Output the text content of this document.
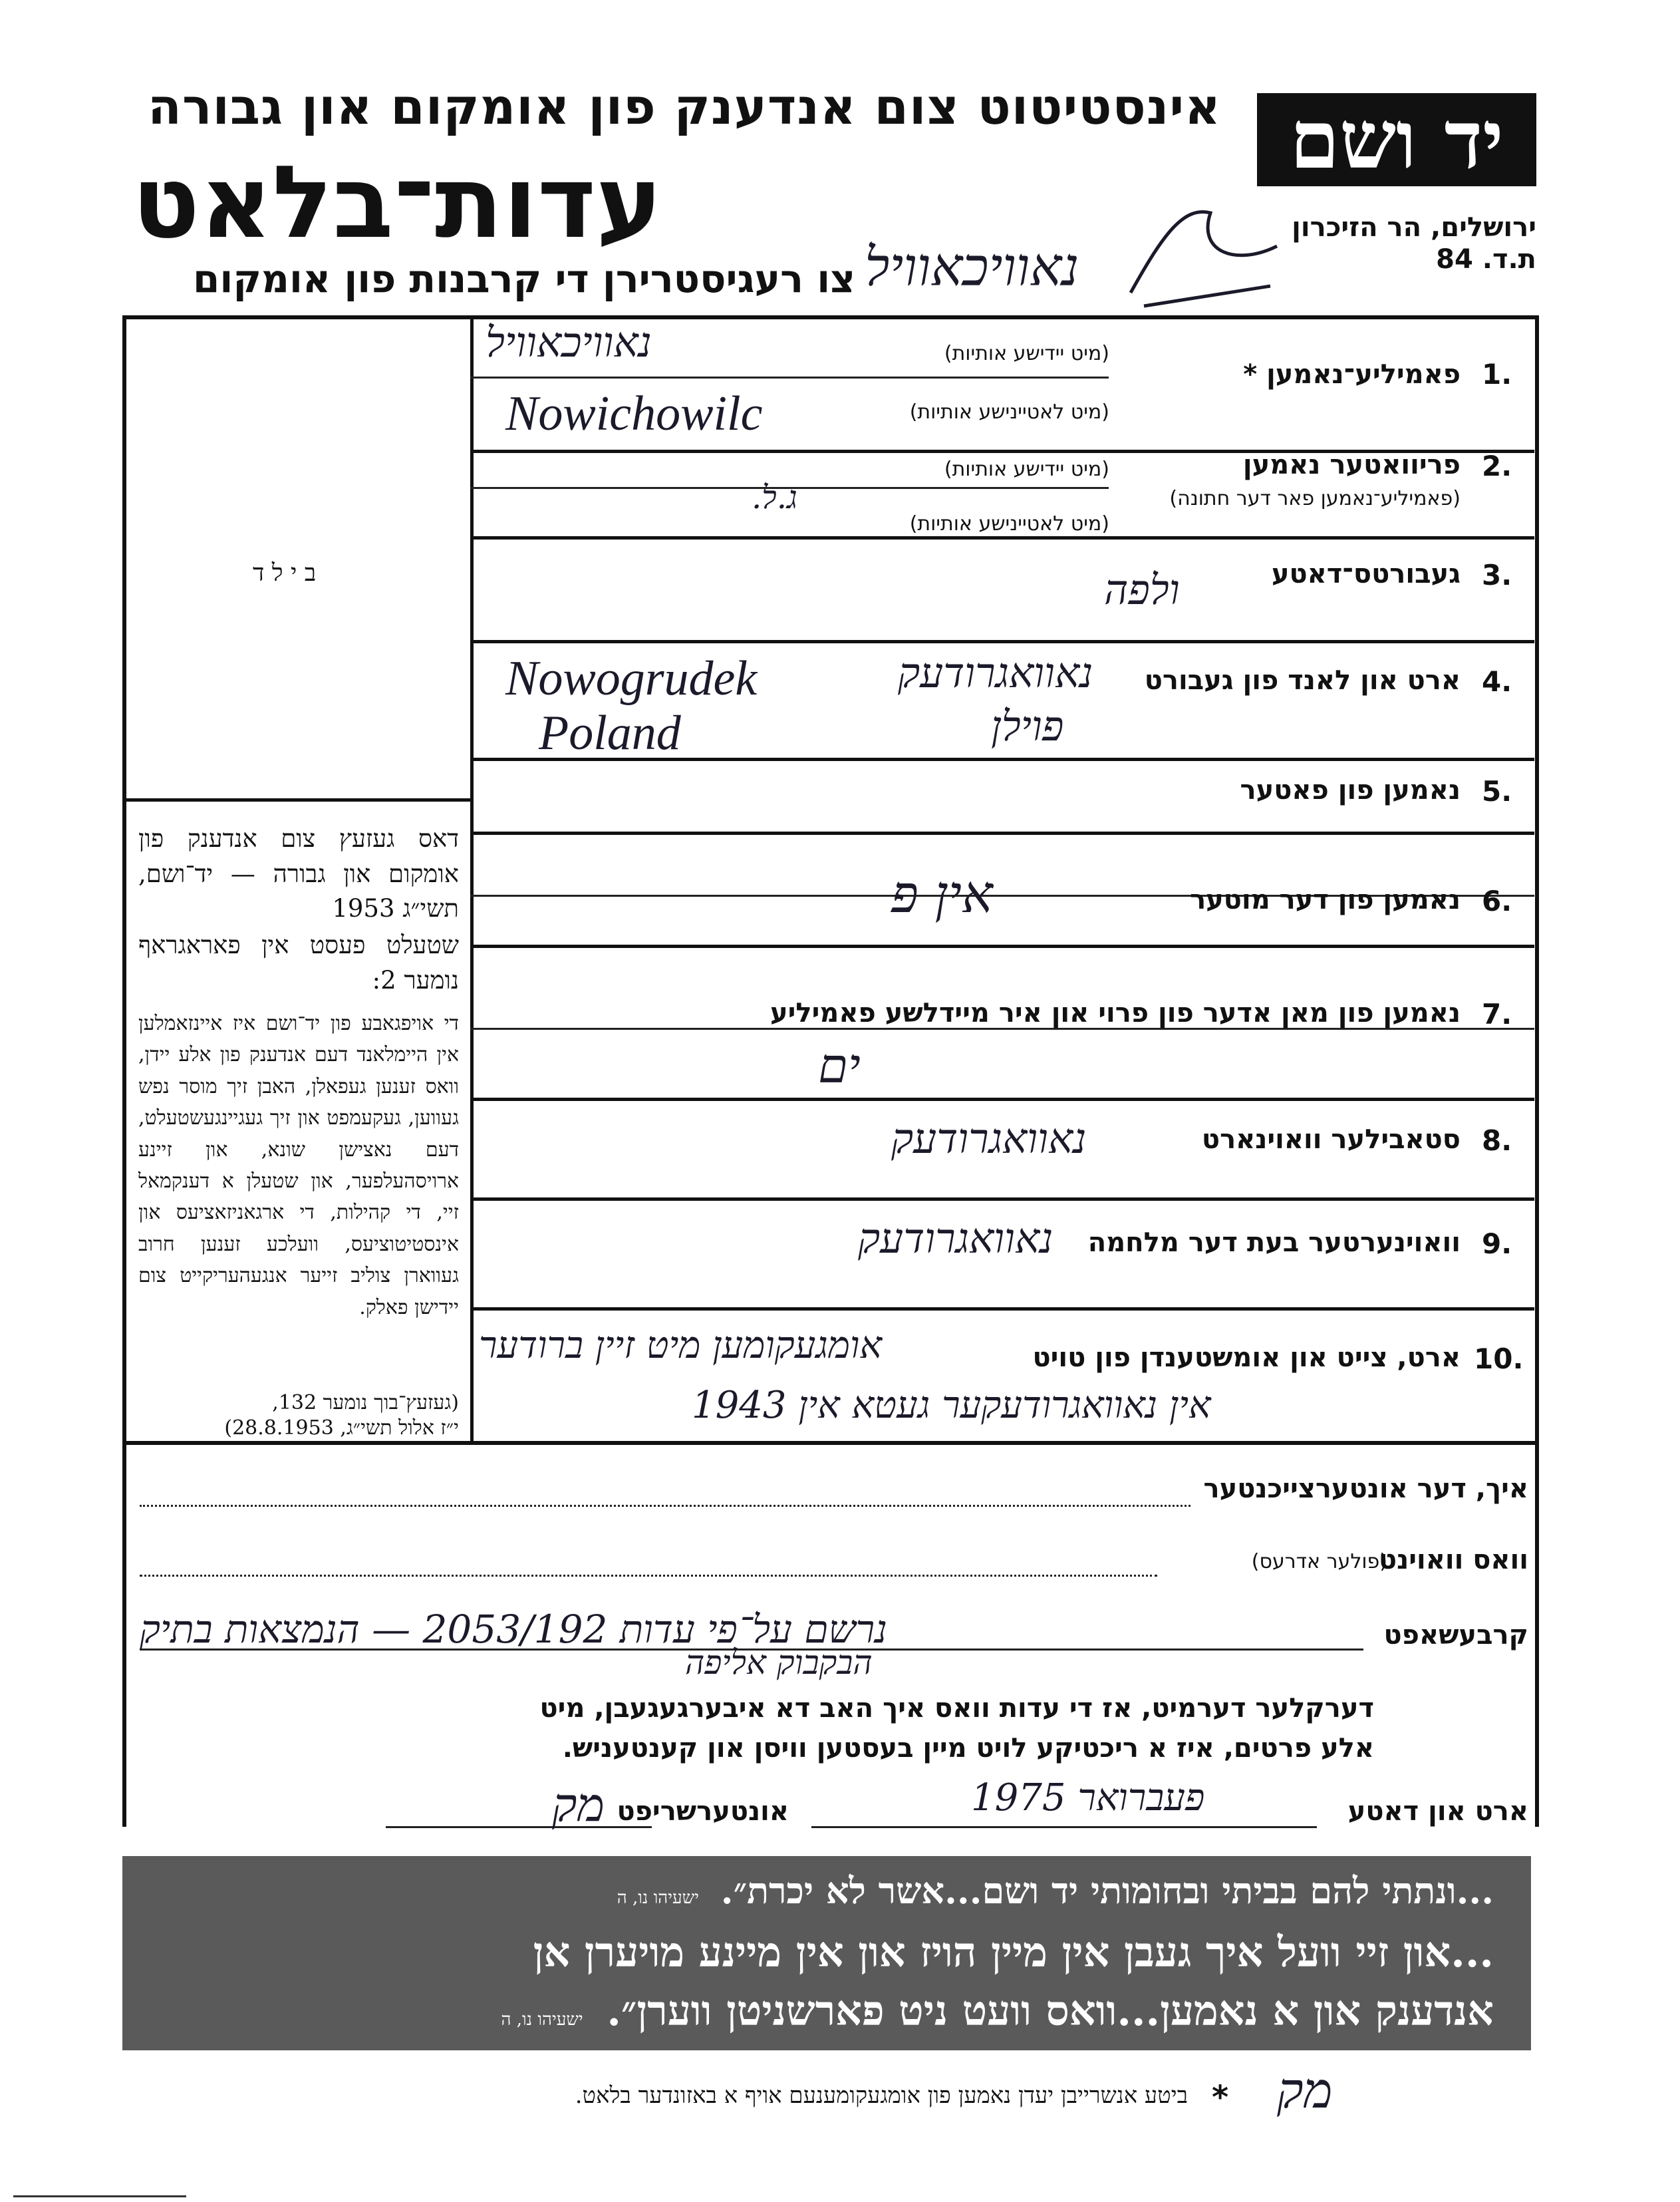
אינסטיטוט צום אנדענק פון אומקום און גבורה
עדות־בלאט
צו רעגיסטרירן די קרבנות פון אומקום
יד ושם
ירושלים, הר הזיכרון
ת.ד. 84
נאוויכאוויל
ב י ל ד
דאס געזעץ צום אנדענק פון אומקום און גבורה — יד־ושם, תשי״ג 1953
שטעלט פעסט אין פאראגראף נומער 2:
די אויפגאבע פון יד־ושם איז איינזאמלען אין היימלאנד דעם אנדענק פון אלע יידן, וואס זענען געפאלן, האבן זיך מוסר נפש געווען, געקעמפט און זיך געגיינגעשטעלט, דעם נאצישן שונא, און זיינע ארויסהעלפער, און שטעלן א דענקמאל זיי, די קהילות, די ארגאניזאציעס און אינסטיטוציעס, וועלכע זענען חרוב געווארן צוליב זייער אנגעהעריקייט צום יידישן פאלק.
(געזעץ־בוך נומער 132,
י״ז אלול תשי״ג, 28.8.1953)
1.
פאמיליע־נאמען *
(מיט יידישע אותיות)
(מיט לאטיינישע אותיות)
נאוויכאוויל
Nowichowilc
2.
פריוואטער נאמען
(פאמיליע־נאמען פאר דער חתונה)
(מיט יידישע אותיות)
(מיט לאטיינישע אותיות)
ג.ל.
3.
געבורטס־דאטע
ולפה
4.
ארט און לאנד פון געבורט
Nowogrudek
Poland
נאוואגרודעק
פוילן
5.
נאמען פון פאטער
6.
נאמען פון דער מוטער
אין פ
7.
נאמען פון מאן אדער פון פרוי און איר מיידלשע פאמיליע
ים
8.
סטאבילער וואוינארט
נאוואגרודעק
9.
וואוינערטער בעת דער מלחמה
נאוואגרודעק
10.
ארט, צייט און אומשטענדן פון טויט
אומגעקומען מיט זיין ברודער
אין נאוואגרודעקער געטא אין 1943
איך, דער אונטערצייכנטער
וואס וואוינט
(פולער אדרעס)
קרבעשאפט
נרשם על־פי עדות 2053/192 — הנמצאות בתיק
הבקבוק אליפה
דערקלער דערמיט, אז די עדות וואס איך האב דא איבערגעגעבן, מיט
אלע פרטים, איז א ריכטיקע לויט מיין בעסטען וויסן און קענטעניש.
ארט און דאטע
פעברואר 1975
אונטערשריפט
מק
...ונתתי להם בביתי ובחומותי יד ושם...אשר לא יכרת״. ישעיהו נו, ה
...און זיי וועל איך געבן אין מיין הויז און אין מיינע מויערן אן
אנדענק און א נאמען...וואס וועט ניט פארשניטן ווערן״. ישעיהו נו, ה
*
ביטע אנשרייבן יעדן נאמען פון אומגעקומענעם אויף א באזונדער בלאט. מק
